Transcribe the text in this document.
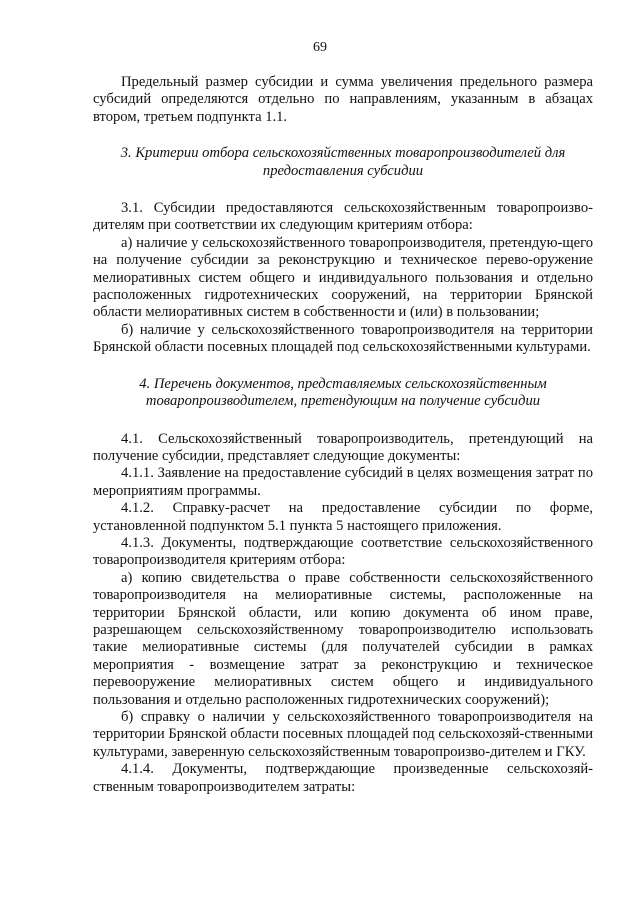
69

Предельный размер субсидии и сумма увеличения предельного размера субсидий определяются отдельно по направлениям, указанным в абзацах втором, третьем подпункта 1.1.

3. Критерии отбора сельскохозяйственных товаропроизводителей для предоставления субсидии

3.1. Субсидии предоставляются сельскохозяйственным товаропроизво-дителям при соответствии их следующим критериям отбора:

а) наличие у сельскохозяйственного товаропроизводителя, претендую-щего на получение субсидии за реконструкцию и техническое перево-оружение мелиоративных систем общего и индивидуального пользования и отдельно расположенных гидротехнических сооружений, на территории Брянской области мелиоративных систем в собственности и (или) в пользовании;

б) наличие у сельскохозяйственного товаропроизводителя на территории Брянской области посевных площадей под сельскохозяйственными культурами.

4. Перечень документов, представляемых сельскохозяйственным товаропроизводителем, претендующим на получение субсидии

4.1. Сельскохозяйственный товаропроизводитель, претендующий на получение субсидии, представляет следующие документы:

4.1.1. Заявление на предоставление субсидий в целях возмещения затрат по мероприятиям программы.

4.1.2. Справку-расчет на предоставление субсидии по форме, установленной подпунктом 5.1 пункта 5 настоящего приложения.

4.1.3. Документы, подтверждающие соответствие сельскохозяйственного товаропроизводителя критериям отбора:

а) копию свидетельства о праве собственности сельскохозяйственного товаропроизводителя на мелиоративные системы, расположенные на территории Брянской области, или копию документа об ином праве, разрешающем сельскохозяйственному товаропроизводителю использовать такие мелиоративные системы (для получателей субсидии в рамках мероприятия - возмещение затрат за реконструкцию и техническое перевооружение мелиоративных систем общего и индивидуального пользования и отдельно расположенных гидротехнических сооружений);

б) справку о наличии у сельскохозяйственного товаропроизводителя на территории Брянской области посевных площадей под сельскохозяй-ственными культурами, заверенную сельскохозяйственным товаропроизво-дителем и ГКУ.

4.1.4. Документы, подтверждающие произведенные сельскохозяй-ственным товаропроизводителем затраты:
